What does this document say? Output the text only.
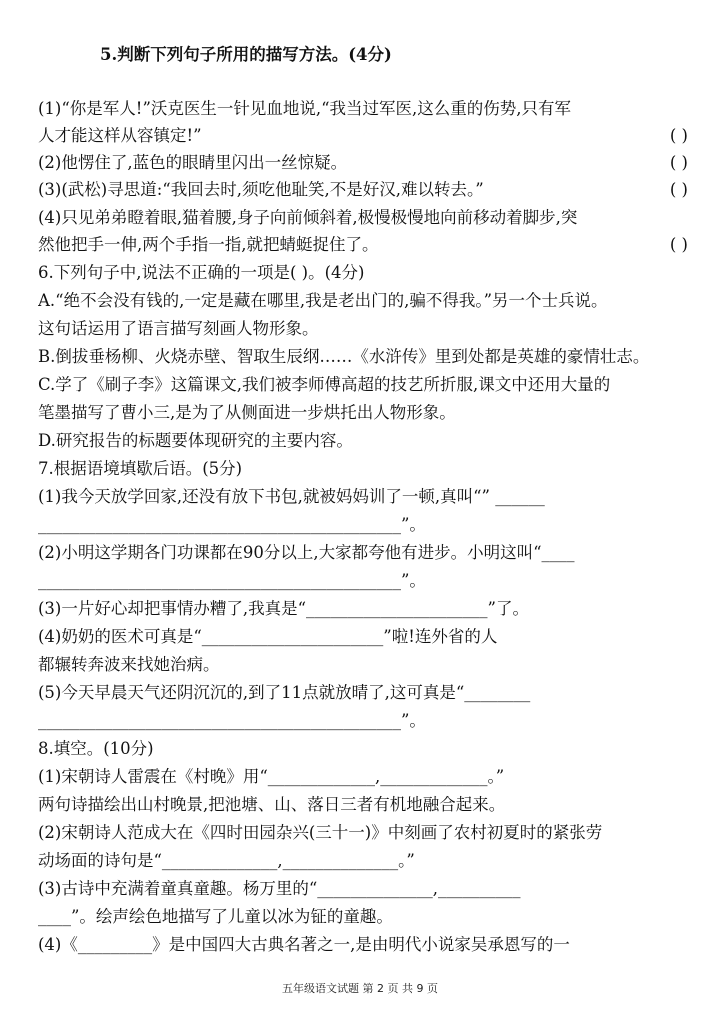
5.判断下列句子所用的描写方法。(4分)
(1)“你是军人!”沃克医生一针见血地说,“我当过军医,这么重的伤势,只有军
人才能这样从容镇定!”	( )
(2)他愣住了,蓝色的眼睛里闪出一丝惊疑。	( )
(3)(武松)寻思道:“我回去时,须吃他耻笑,不是好汉,难以转去。”	( )
(4)只见弟弟瞪着眼,猫着腰,身子向前倾斜着,极慢极慢地向前移动着脚步,突
然他把手一伸,两个手指一指,就把蜻蜓捉住了。	( )
6.下列句子中,说法不正确的一项是( )。(4分)
A.“绝不会没有钱的,一定是藏在哪里,我是老出门的,骗不得我。”另一个士兵说。
这句话运用了语言描写刻画人物形象。
B.倒拔垂杨柳、火烧赤壁、智取生辰纲……《水浒传》里到处都是英雄的豪情壮志。
C.学了《刷子李》这篇课文,我们被李师傅高超的技艺所折服,课文中还用大量的
笔墨描写了曹小三,是为了从侧面进一步烘托出人物形象。
D.研究报告的标题要体现研究的主要内容。
7.根据语境填歇后语。(5分)
(1)我今天放学回家,还没有放下书包,就被妈妈训了一顿,真叫“” ______
____________________________________________”。
(2)小明这学期各门功课都在90分以上,大家都夸他有进步。小明这叫“____
____________________________________________”。
(3)一片好心却把事情办糟了,我真是“______________________”了。
(4)奶奶的医术可真是“______________________”啦!连外省的人
都辗转奔波来找她治病。
(5)今天早晨天气还阴沉沉的,到了11点就放晴了,这可真是“________
____________________________________________”。
8.填空。(10分)
(1)宋朝诗人雷震在《村晚》用“_____________,_____________。”
两句诗描绘出山村晚景,把池塘、山、落日三者有机地融合起来。
(2)宋朝诗人范成大在《四时田园杂兴(三十一)》中刻画了农村初夏时的紧张劳
动场面的诗句是“______________,______________。”
(3)古诗中充满着童真童趣。杨万里的“______________,__________
____”。绘声绘色地描写了儿童以冰为钲的童趣。
(4)《_________》是中国四大古典名著之一,是由明代小说家吴承恩写的一
五年级语文试题 第 2 页 共 9 页
